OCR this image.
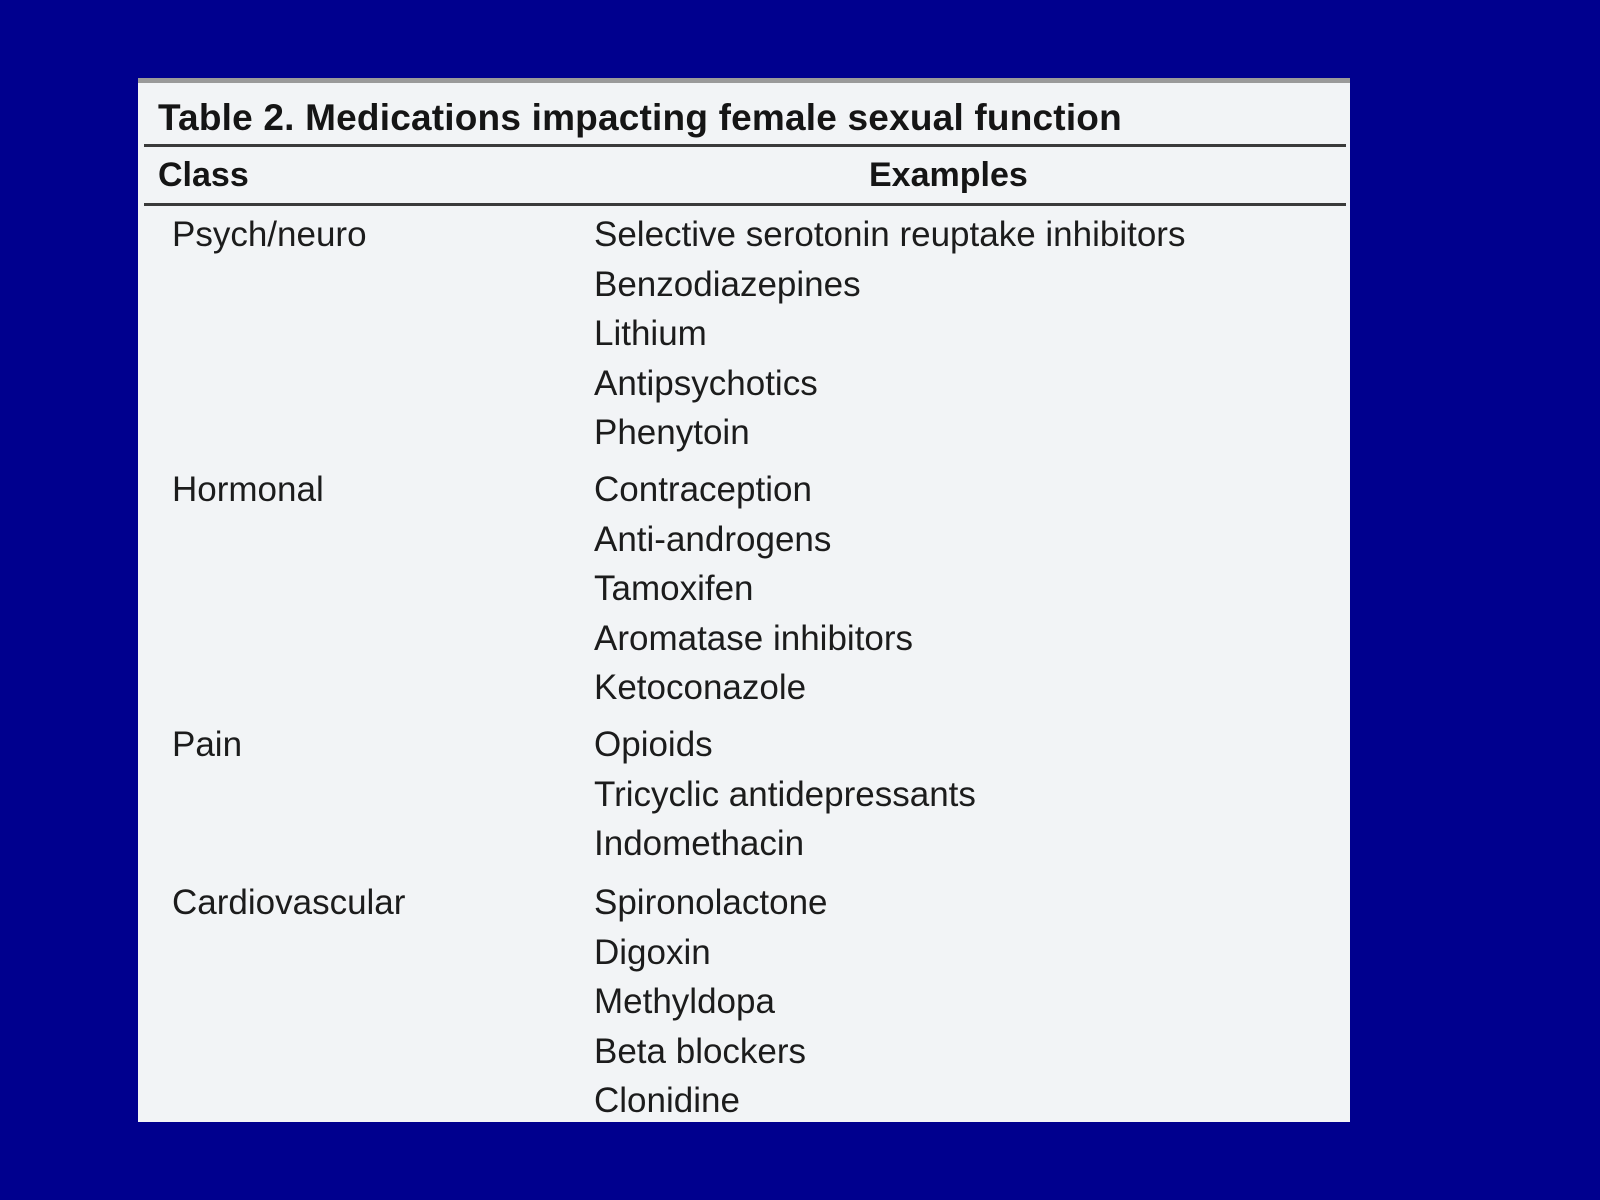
Table 2. Medications impacting female sexual function
Class	Examples
Psych/neuro	Selective serotonin reuptake inhibitors
Benzodiazepines
Lithium
Antipsychotics
Phenytoin
Hormonal	Contraception
Anti-androgens
Tamoxifen
Aromatase inhibitors
Ketoconazole
Pain	Opioids
Tricyclic antidepressants
Indomethacin
Cardiovascular	Spironolactone
Digoxin
Methyldopa
Beta blockers
Clonidine
